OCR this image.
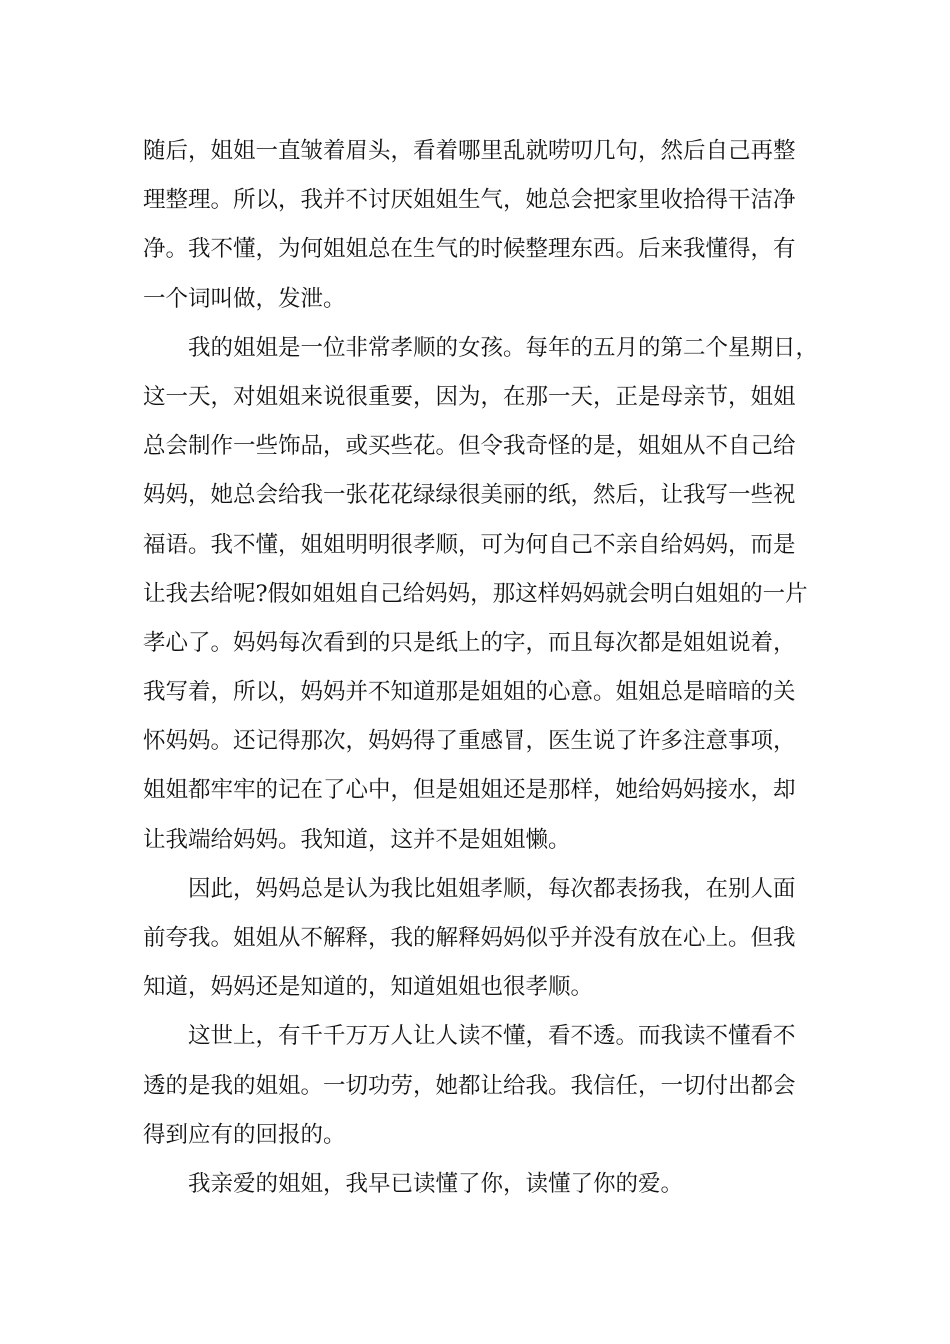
随后，姐姐一直皱着眉头，看着哪里乱就唠叨几句，然后自己再整
理整理。所以，我并不讨厌姐姐生气，她总会把家里收拾得干洁净
净。我不懂，为何姐姐总在生气的时候整理东西。后来我懂得，有
一个词叫做，发泄。
我的姐姐是一位非常孝顺的女孩。每年的五月的第二个星期日，
这一天，对姐姐来说很重要，因为，在那一天，正是母亲节，姐姐
总会制作一些饰品，或买些花。但令我奇怪的是，姐姐从不自己给
妈妈，她总会给我一张花花绿绿很美丽的纸，然后，让我写一些祝
福语。我不懂，姐姐明明很孝顺，可为何自己不亲自给妈妈，而是
让我去给呢?假如姐姐自己给妈妈，那这样妈妈就会明白姐姐的一片
孝心了。妈妈每次看到的只是纸上的字，而且每次都是姐姐说着，
我写着，所以，妈妈并不知道那是姐姐的心意。姐姐总是暗暗的关
怀妈妈。还记得那次，妈妈得了重感冒，医生说了许多注意事项，
姐姐都牢牢的记在了心中，但是姐姐还是那样，她给妈妈接水，却
让我端给妈妈。我知道，这并不是姐姐懒。
因此，妈妈总是认为我比姐姐孝顺，每次都表扬我，在别人面
前夸我。姐姐从不解释，我的解释妈妈似乎并没有放在心上。但我
知道，妈妈还是知道的，知道姐姐也很孝顺。
这世上，有千千万万人让人读不懂，看不透。而我读不懂看不
透的是我的姐姐。一切功劳，她都让给我。我信任，一切付出都会
得到应有的回报的。
我亲爱的姐姐，我早已读懂了你，读懂了你的爱。
